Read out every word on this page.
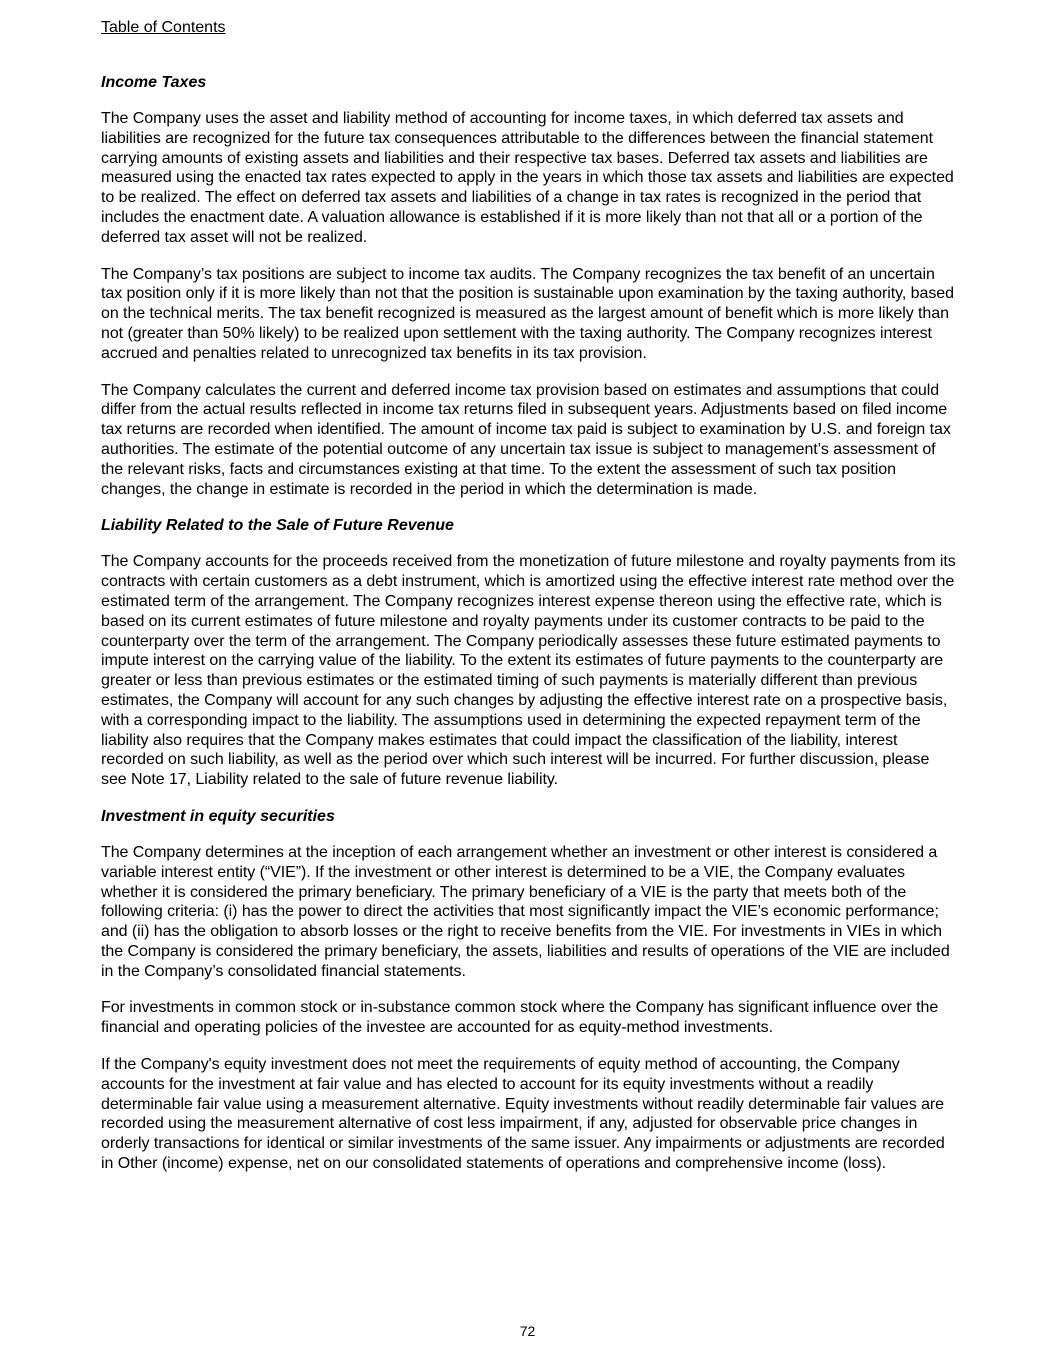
Table of Contents

Income Taxes

The Company uses the asset and liability method of accounting for income taxes, in which deferred tax assets and liabilities are recognized for the future tax consequences attributable to the differences between the financial statement carrying amounts of existing assets and liabilities and their respective tax bases. Deferred tax assets and liabilities are measured using the enacted tax rates expected to apply in the years in which those tax assets and liabilities are expected to be realized. The effect on deferred tax assets and liabilities of a change in tax rates is recognized in the period that includes the enactment date. A valuation allowance is established if it is more likely than not that all or a portion of the deferred tax asset will not be realized.

The Company’s tax positions are subject to income tax audits. The Company recognizes the tax benefit of an uncertain tax position only if it is more likely than not that the position is sustainable upon examination by the taxing authority, based on the technical merits. The tax benefit recognized is measured as the largest amount of benefit which is more likely than not (greater than 50% likely) to be realized upon settlement with the taxing authority. The Company recognizes interest accrued and penalties related to unrecognized tax benefits in its tax provision.

The Company calculates the current and deferred income tax provision based on estimates and assumptions that could differ from the actual results reflected in income tax returns filed in subsequent years. Adjustments based on filed income tax returns are recorded when identified. The amount of income tax paid is subject to examination by U.S. and foreign tax authorities. The estimate of the potential outcome of any uncertain tax issue is subject to management’s assessment of the relevant risks, facts and circumstances existing at that time. To the extent the assessment of such tax position changes, the change in estimate is recorded in the period in which the determination is made.

Liability Related to the Sale of Future Revenue

The Company accounts for the proceeds received from the monetization of future milestone and royalty payments from its contracts with certain customers as a debt instrument, which is amortized using the effective interest rate method over the estimated term of the arrangement. The Company recognizes interest expense thereon using the effective rate, which is based on its current estimates of future milestone and royalty payments under its customer contracts to be paid to the counterparty over the term of the arrangement. The Company periodically assesses these future estimated payments to impute interest on the carrying value of the liability. To the extent its estimates of future payments to the counterparty are greater or less than previous estimates or the estimated timing of such payments is materially different than previous estimates, the Company will account for any such changes by adjusting the effective interest rate on a prospective basis, with a corresponding impact to the liability. The assumptions used in determining the expected repayment term of the liability also requires that the Company makes estimates that could impact the classification of the liability, interest recorded on such liability, as well as the period over which such interest will be incurred. For further discussion, please see Note 17, Liability related to the sale of future revenue liability.

Investment in equity securities

The Company determines at the inception of each arrangement whether an investment or other interest is considered a variable interest entity (“VIE”). If the investment or other interest is determined to be a VIE, the Company evaluates whether it is considered the primary beneficiary. The primary beneficiary of a VIE is the party that meets both of the following criteria: (i) has the power to direct the activities that most significantly impact the VIE’s economic performance; and (ii) has the obligation to absorb losses or the right to receive benefits from the VIE. For investments in VIEs in which the Company is considered the primary beneficiary, the assets, liabilities and results of operations of the VIE are included in the Company’s consolidated financial statements.

For investments in common stock or in-substance common stock where the Company has significant influence over the financial and operating policies of the investee are accounted for as equity-method investments.

If the Company's equity investment does not meet the requirements of equity method of accounting, the Company accounts for the investment at fair value and has elected to account for its equity investments without a readily determinable fair value using a measurement alternative. Equity investments without readily determinable fair values are recorded using the measurement alternative of cost less impairment, if any, adjusted for observable price changes in orderly transactions for identical or similar investments of the same issuer. Any impairments or adjustments are recorded in Other (income) expense, net on our consolidated statements of operations and comprehensive income (loss).

72
